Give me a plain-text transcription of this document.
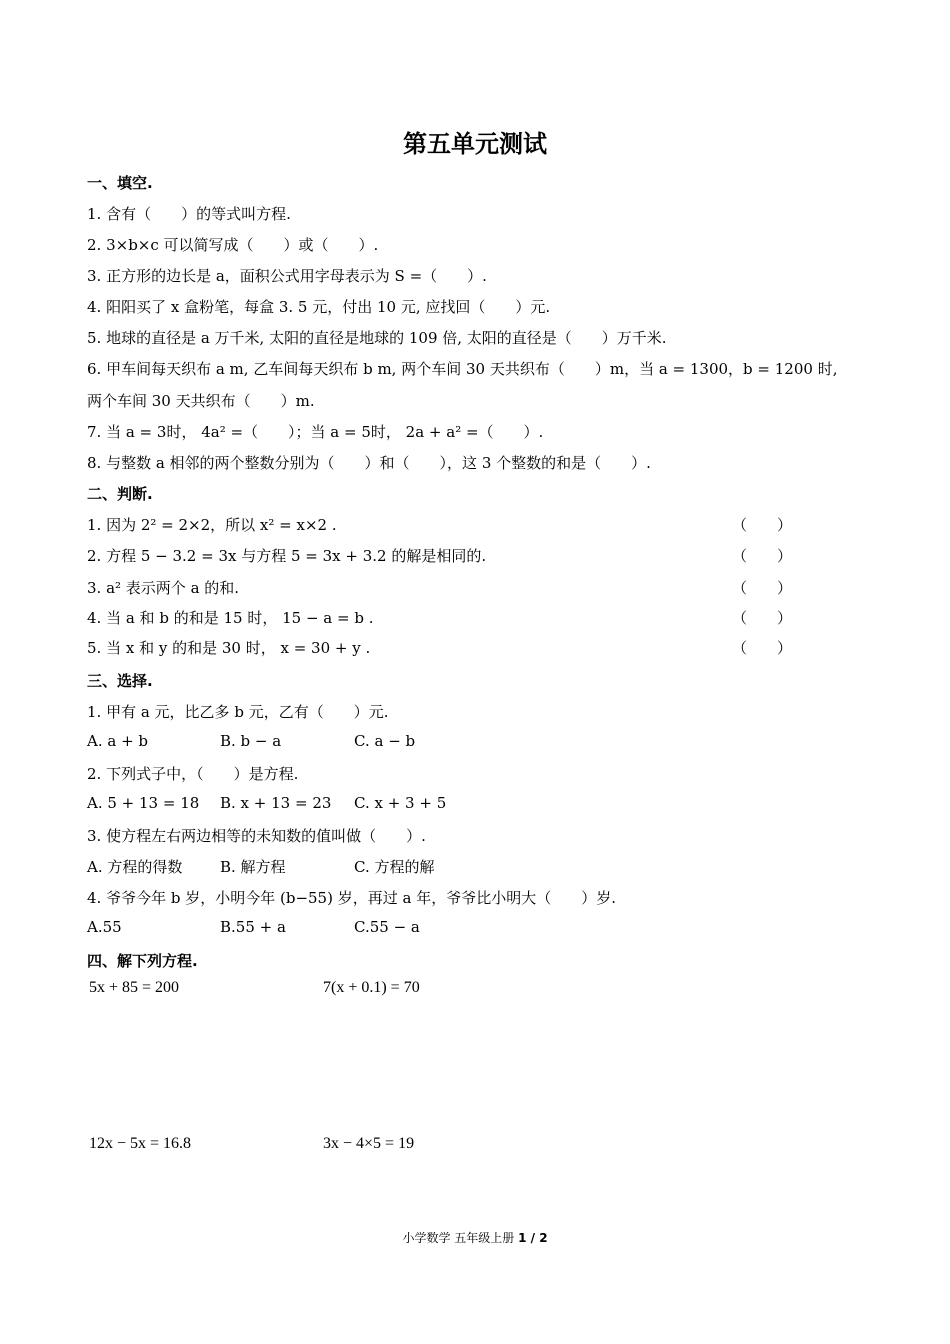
第五单元测试
一、填空.
1. 含有（　　）的等式叫方程.
2. 3×b×c 可以简写成（　　）或（　　）.
3. 正方形的边长是 a，面积公式用字母表示为 S =（　　）.
4. 阳阳买了 x 盒粉笔，每盒 3. 5 元，付出 10 元, 应找回（　　）元.
5. 地球的直径是 a 万千米, 太阳的直径是地球的 109 倍, 太阳的直径是（　　）万千米.
6. 甲车间每天织布 a m, 乙车间每天织布 b m, 两个车间 30 天共织布（　　）m，当 a = 1300，b = 1200 时,
两个车间 30 天共织布（　　）m.
7. 当 a = 3时， 4a² =（　　）；当 a = 5时， 2a + a² =（　　）.
8. 与整数 a 相邻的两个整数分别为（　　）和（　　），这 3 个整数的和是（　　）.
二、判断.
1. 因为 2² = 2×2，所以 x² = x×2 .	（　　）
2. 方程 5 − 3.2 = 3x 与方程 5 = 3x + 3.2 的解是相同的.	（　　）
3. a² 表示两个 a 的和.	（　　）
4. 当 a 和 b 的和是 15 时， 15 − a = b .	（　　）
5. 当 x 和 y 的和是 30 时， x = 30 + y .	（　　）
三、选择.
1. 甲有 a 元，比乙多 b 元，乙有（　　）元.
A. a + b	B. b − a	C. a − b
2. 下列式子中，（　　）是方程.
A. 5 + 13 = 18 B. x + 13 = 23 C. x + 3 + 5
3. 使方程左右两边相等的未知数的值叫做（　　）.
A. 方程的得数	B. 解方程	C. 方程的解
4. 爷爷今年 b 岁，小明今年 (b−55) 岁，再过 a 年，爷爷比小明大（　　）岁.
A.55	B.55 + a	C.55 − a
四、解下列方程.
5x + 85 = 200	7(x + 0.1) = 70
12x − 5x = 16.8	3x − 4×5 = 19
小学数学 五年级上册 1 / 2
